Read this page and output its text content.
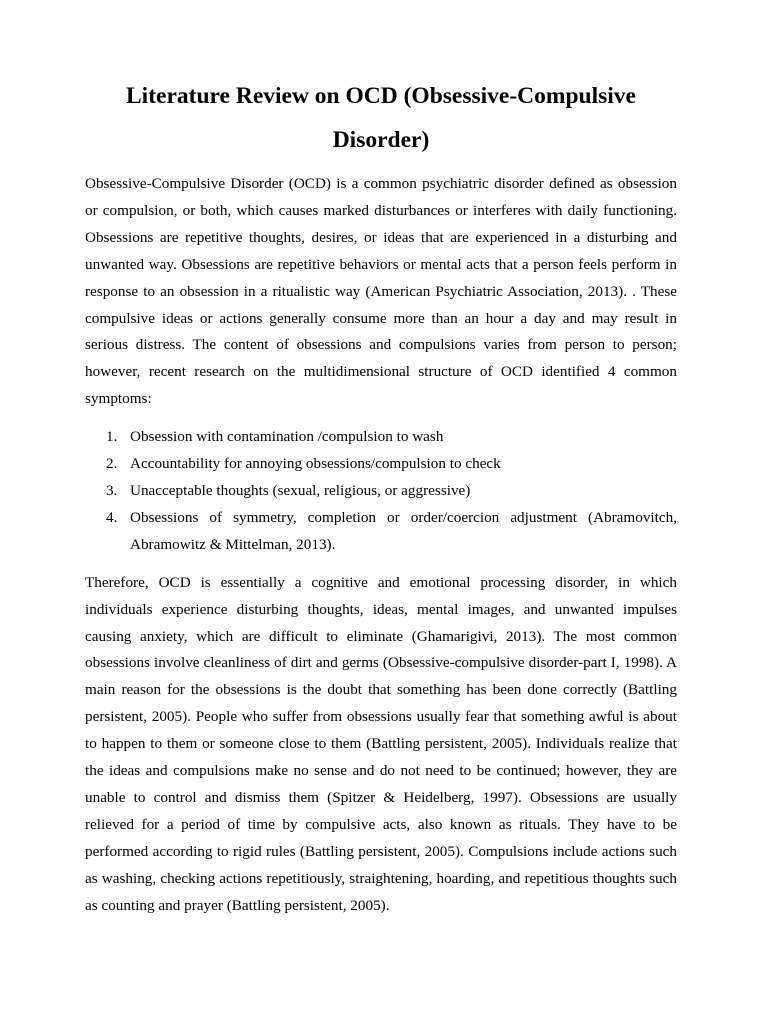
Literature Review on OCD (Obsessive-Compulsive Disorder)

Obsessive-Compulsive Disorder (OCD) is a common psychiatric disorder defined as obsession or compulsion, or both, which causes marked disturbances or interferes with daily functioning. Obsessions are repetitive thoughts, desires, or ideas that are experienced in a disturbing and unwanted way. Obsessions are repetitive behaviors or mental acts that a person feels perform in response to an obsession in a ritualistic way (American Psychiatric Association, 2013). . These compulsive ideas or actions generally consume more than an hour a day and may result in serious distress. The content of obsessions and compulsions varies from person to person; however, recent research on the multidimensional structure of OCD identified 4 common symptoms:

1. Obsession with contamination /compulsion to wash
2. Accountability for annoying obsessions/compulsion to check
3. Unacceptable thoughts (sexual, religious, or aggressive)
4. Obsessions of symmetry, completion or order/coercion adjustment (Abramovitch, Abramowitz & Mittelman, 2013).

Therefore, OCD is essentially a cognitive and emotional processing disorder, in which individuals experience disturbing thoughts, ideas, mental images, and unwanted impulses causing anxiety, which are difficult to eliminate (Ghamarigivi, 2013). The most common obsessions involve cleanliness of dirt and germs (Obsessive-compulsive disorder-part I, 1998). A main reason for the obsessions is the doubt that something has been done correctly (Battling persistent, 2005). People who suffer from obsessions usually fear that something awful is about to happen to them or someone close to them (Battling persistent, 2005). Individuals realize that the ideas and compulsions make no sense and do not need to be continued; however, they are unable to control and dismiss them (Spitzer & Heidelberg, 1997). Obsessions are usually relieved for a period of time by compulsive acts, also known as rituals. They have to be performed according to rigid rules (Battling persistent, 2005). Compulsions include actions such as washing, checking actions repetitiously, straightening, hoarding, and repetitious thoughts such as counting and prayer (Battling persistent, 2005).
